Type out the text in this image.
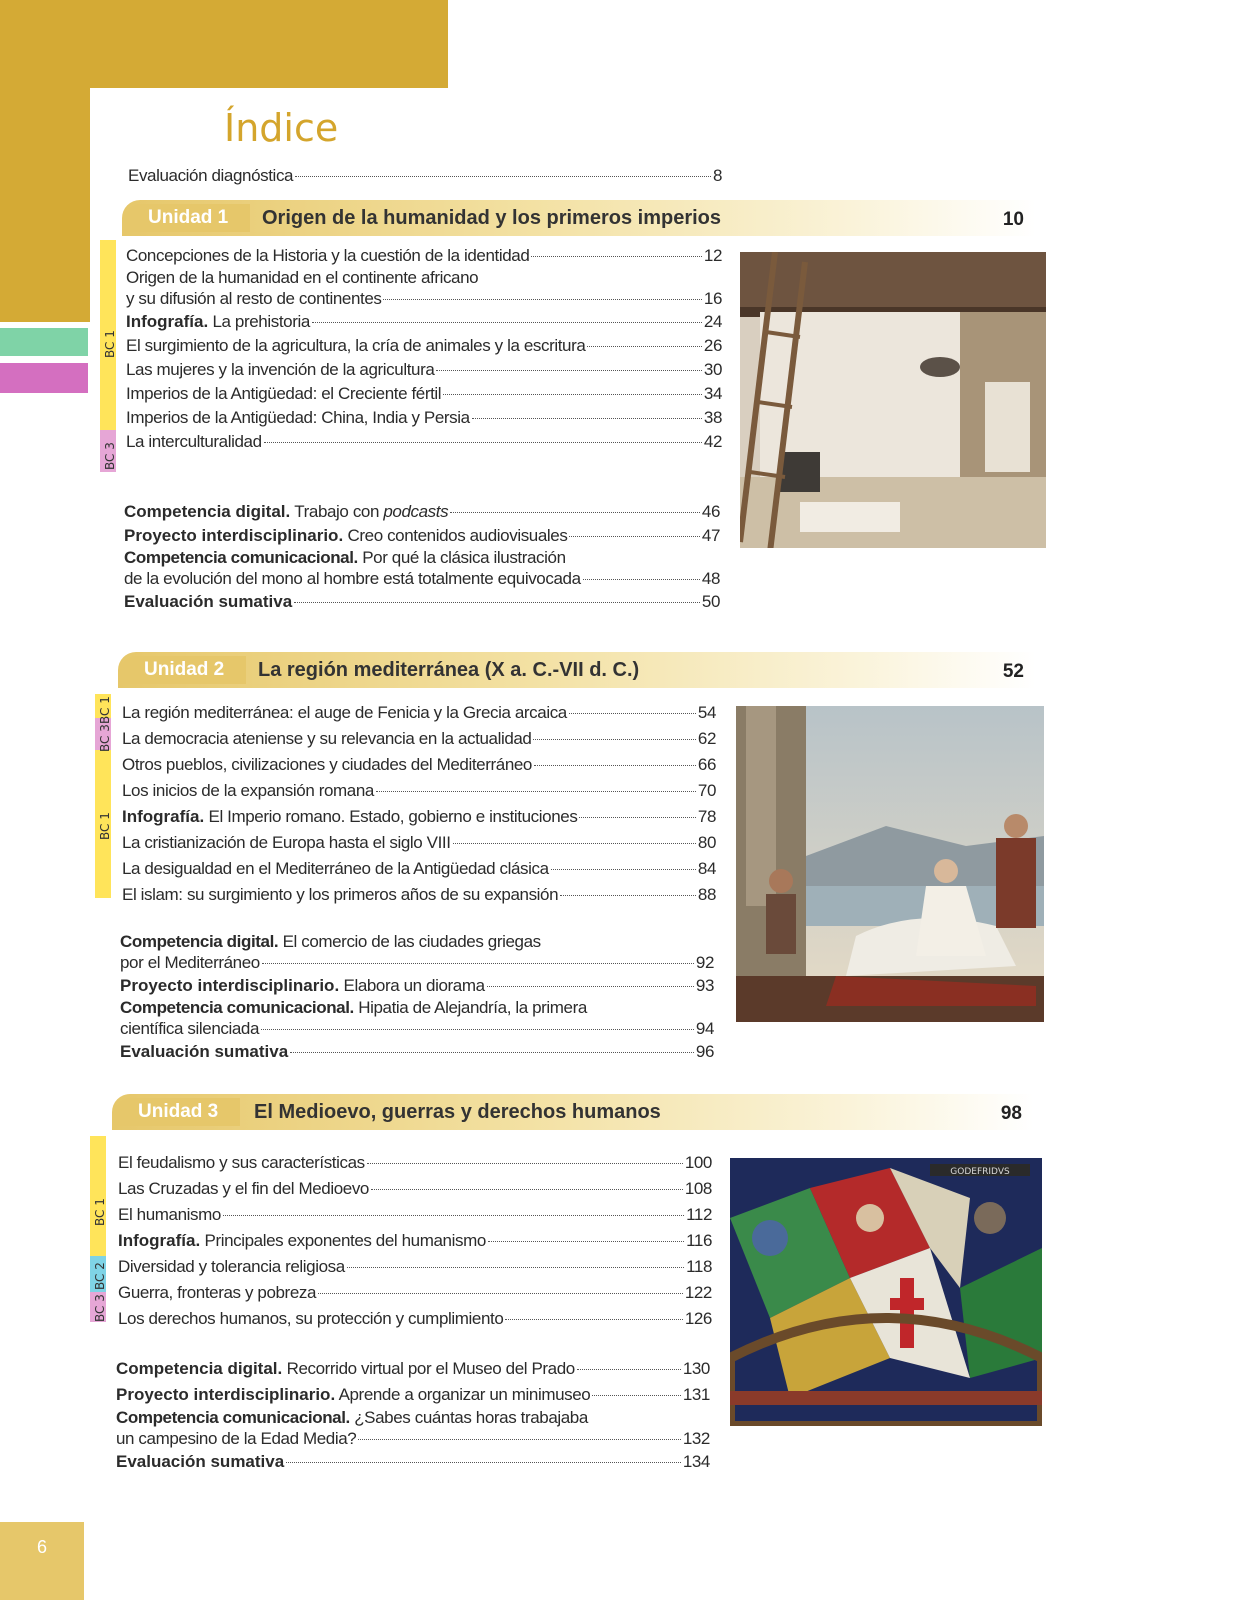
6
Índice
Evaluación diagnóstica	8
Unidad 1	Origen de la humanidad y los primeros imperios	10
BC 1
BC 3
Concepciones de la Historia y la cuestión de la identidad	12
Origen de la humanidad en el continente africano
y su difusión al resto de continentes	16
Infografía. La prehistoria	24
El surgimiento de la agricultura, la cría de animales y la escritura	26
Las mujeres y la invención de la agricultura	30
Imperios de la Antigüedad: el Creciente fértil	34
Imperios de la Antigüedad: China, India y Persia	38
La interculturalidad	42
Competencia digital. Trabajo con podcasts	46
Proyecto interdisciplinario. Creo contenidos audiovisuales	47
Competencia comunicacional. Por qué la clásica ilustración
de la evolución del mono al hombre está totalmente equivocada	48
Evaluación sumativa	50
Unidad 2	La región mediterránea (X a. C.-VII d. C.)	52
BC 3
BC 1
BC 1
La región mediterránea: el auge de Fenicia y la Grecia arcaica	54
La democracia ateniense y su relevancia en la actualidad	62
Otros pueblos, civilizaciones y ciudades del Mediterráneo	66
Los inicios de la expansión romana	70
Infografía. El Imperio romano. Estado, gobierno e instituciones	78
La cristianización de Europa hasta el siglo VIII	80
La desigualdad en el Mediterráneo de la Antigüedad clásica	84
El islam: su surgimiento y los primeros años de su expansión	88
Competencia digital. El comercio de las ciudades griegas
por el Mediterráneo	92
Proyecto interdisciplinario. Elabora un diorama	93
Competencia comunicacional. Hipatia de Alejandría, la primera
científica silenciada	94
Evaluación sumativa	96
Unidad 3	El Medioevo, guerras y derechos humanos	98
BC 1
BC 2
BC 3
El feudalismo y sus características	100
Las Cruzadas y el fin del Medioevo	108
El humanismo	112
Infografía. Principales exponentes del humanismo	116
Diversidad y tolerancia religiosa	118
Guerra, fronteras y pobreza	122
Los derechos humanos, su protección y cumplimiento	126
Competencia digital. Recorrido virtual por el Museo del Prado	130
Proyecto interdisciplinario. Aprende a organizar un minimuseo	131
Competencia comunicacional. ¿Sabes cuántas horas trabajaba
un campesino de la Edad Media?	132
Evaluación sumativa	134
GODEFRIDVS
